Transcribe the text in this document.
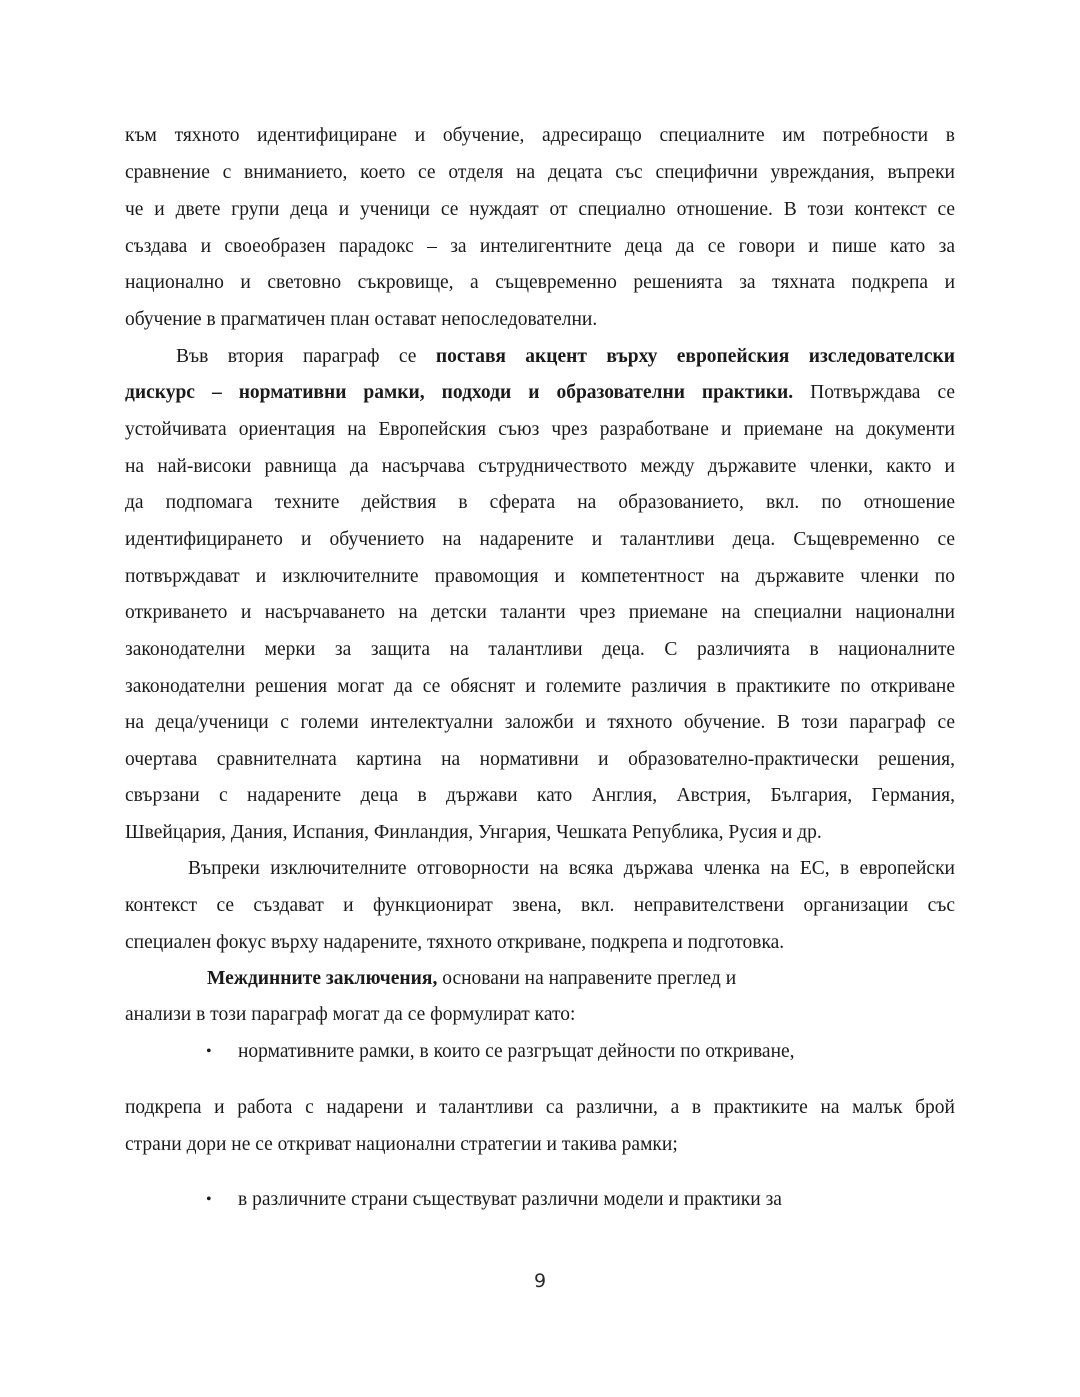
към тяхното идентифициране и обучение, адресиращо специалните им потребности в
сравнение с вниманието, което се отделя на децата със специфични увреждания, въпреки
че и двете групи деца и ученици се нуждаят от специално отношение. В този контекст се
създава и своеобразен парадокс – за интелигентните деца да се говори и пише като за
национално и световно съкровище, а същевременно решенията за тяхната подкрепа и
обучение в прагматичен план остават непоследователни.
Във втория параграф се поставя акцент върху европейския изследователски
дискурс – нормативни рамки, подходи и образователни практики. Потвърждава се
устойчивата ориентация на Европейския съюз чрез разработване и приемане на документи
на най-високи равнища да насърчава сътрудничеството между държавите членки, както и
да подпомага техните действия в сферата на образованието, вкл. по отношение
идентифицирането и обучението на надарените и талантливи деца. Същевременно се
потвърждават и изключителните правомощия и компетентност на държавите членки по
откриването и насърчаването на детски таланти чрез приемане на специални национални
законодателни мерки за защита на талантливи деца. С различията в националните
законодателни решения могат да се обяснят и големите различия в практиките по откриване
на деца/ученици с големи интелектуални заложби и тяхното обучение. В този параграф се
очертава сравнителната картина на нормативни и образователно-практически решения,
свързани с надарените деца в държави като Англия, Австрия, България, Германия,
Швейцария, Дания, Испания, Финландия, Унгария, Чешката Република, Русия и др.
Въпреки изключителните отговорности на всяка държава членка на ЕС, в европейски
контекст се създават и функционират звена, вкл. неправителствени организации със
специален фокус върху надарените, тяхното откриване, подкрепа и подготовка.
Междинните заключения, основани на направените преглед и
анализи в този параграф могат да се формулират като:
• нормативните рамки, в които се разгръщат дейности по откриване,
подкрепа и работа с надарени и талантливи са различни, а в практиките на малък брой
страни дори не се откриват национални стратегии и такива рамки;
• в различните страни съществуват различни модели и практики за
9
